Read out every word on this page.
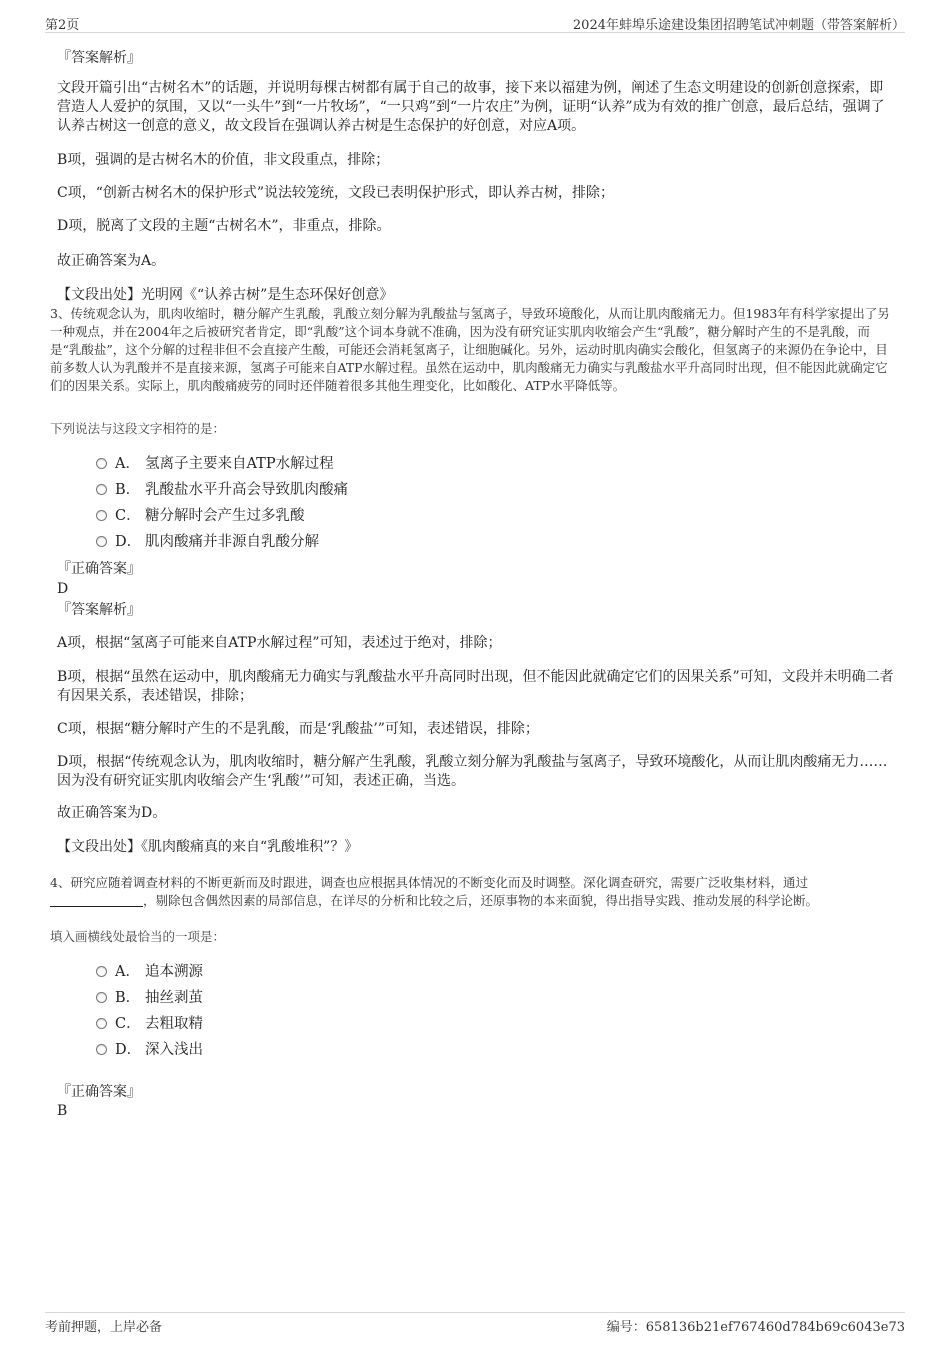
第2页	2024年蚌埠乐途建设集团招聘笔试冲刺题（带答案解析）
『答案解析』
文段开篇引出“古树名木”的话题，并说明每棵古树都有属于自己的故事，接下来以福建为例，阐述了生态文明建设的创新创意探索，即营造人人爱护的氛围，又以“一头牛”到“一片牧场”，“一只鸡”到“一片农庄”为例，证明“认养”成为有效的推广创意，最后总结，强调了认养古树这一创意的意义，故文段旨在强调认养古树是生态保护的好创意，对应A项。
B项，强调的是古树名木的价值，非文段重点，排除；
C项，“创新古树名木的保护形式”说法较笼统，文段已表明保护形式，即认养古树，排除；
D项，脱离了文段的主题“古树名木”，非重点，排除。
故正确答案为A。
【文段出处】光明网《“认养古树”是生态环保好创意》
3、传统观念认为，肌肉收缩时，糖分解产生乳酸，乳酸立刻分解为乳酸盐与氢离子，导致环境酸化，从而让肌肉酸痛无力。但1983年有科学家提出了另一种观点，并在2004年之后被研究者肯定，即“乳酸”这个词本身就不准确，因为没有研究证实肌肉收缩会产生“乳酸”，糖分解时产生的不是乳酸，而是“乳酸盐”，这个分解的过程非但不会直接产生酸，可能还会消耗氢离子，让细胞碱化。另外，运动时肌肉确实会酸化，但氢离子的来源仍在争论中，目前多数人认为乳酸并不是直接来源，氢离子可能来自ATP水解过程。虽然在运动中，肌肉酸痛无力确实与乳酸盐水平升高同时出现，但不能因此就确定它们的因果关系。实际上，肌肉酸痛疲劳的同时还伴随着很多其他生理变化，比如酸化、ATP水平降低等。
下列说法与这段文字相符的是：
A． 氢离子主要来自ATP水解过程
B． 乳酸盐水平升高会导致肌肉酸痛
C． 糖分解时会产生过多乳酸
D． 肌肉酸痛并非源自乳酸分解
『正确答案』
D
『答案解析』
A项，根据“氢离子可能来自ATP水解过程”可知，表述过于绝对，排除；
B项，根据“虽然在运动中，肌肉酸痛无力确实与乳酸盐水平升高同时出现，但不能因此就确定它们的因果关系”可知，文段并未明确二者有因果关系，表述错误，排除；
C项，根据“糖分解时产生的不是乳酸，而是‘乳酸盐’”可知，表述错误，排除；
D项，根据“传统观念认为，肌肉收缩时，糖分解产生乳酸，乳酸立刻分解为乳酸盐与氢离子，导致环境酸化，从而让肌肉酸痛无力……因为没有研究证实肌肉收缩会产生‘乳酸’”可知，表述正确，当选。
故正确答案为D。
【文段出处】《肌肉酸痛真的来自“乳酸堆积”？》
4、研究应随着调查材料的不断更新而及时跟进，调查也应根据具体情况的不断变化而及时调整。深化调查研究，需要广泛收集材料，通过，剔除包含偶然因素的局部信息，在详尽的分析和比较之后，还原事物的本来面貌，得出指导实践、推动发展的科学论断。
填入画横线处最恰当的一项是：
A． 追本溯源
B． 抽丝剥茧
C． 去粗取精
D． 深入浅出
『正确答案』
B
考前押题，上岸必备	编号：658136b21ef767460d784b69c6043e73
